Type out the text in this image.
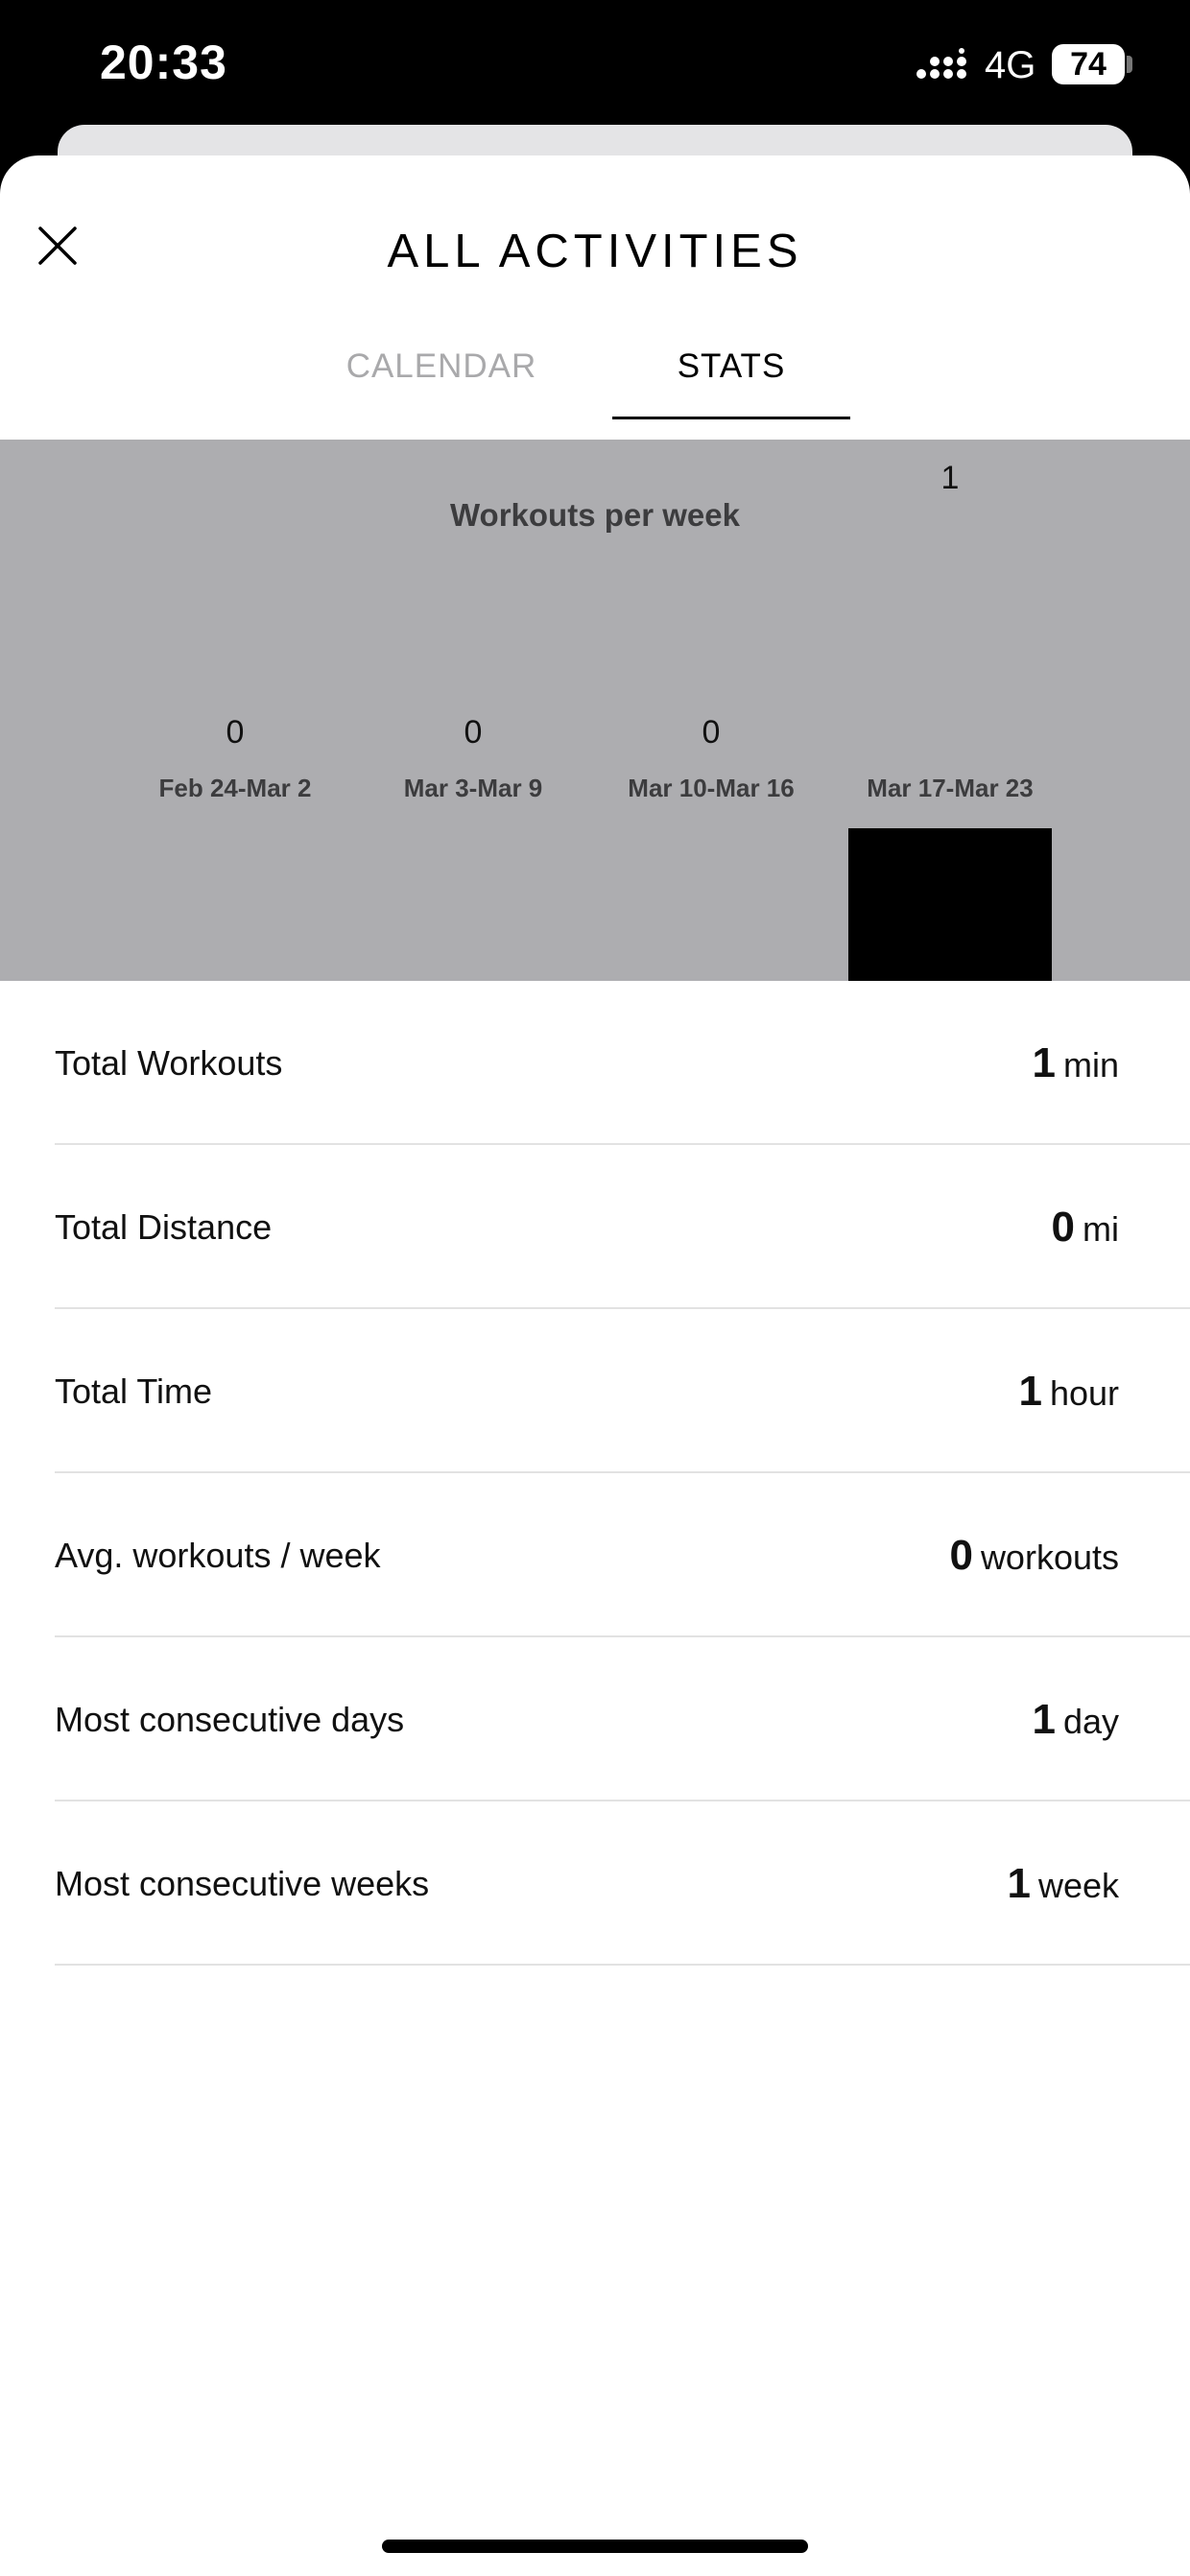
20:33	4G 74
ALL ACTIVITIES
CALENDAR	STATS
Workouts per week
0
Feb 24-Mar 2
0
Mar 3-Mar 9
0
Mar 10-Mar 16
1
Mar 17-Mar 23
Total Workouts	1 min
Total Distance	0 mi
Total Time	1 hour
Avg. workouts / week	0 workouts
Most consecutive days	1 day
Most consecutive weeks	1 week
